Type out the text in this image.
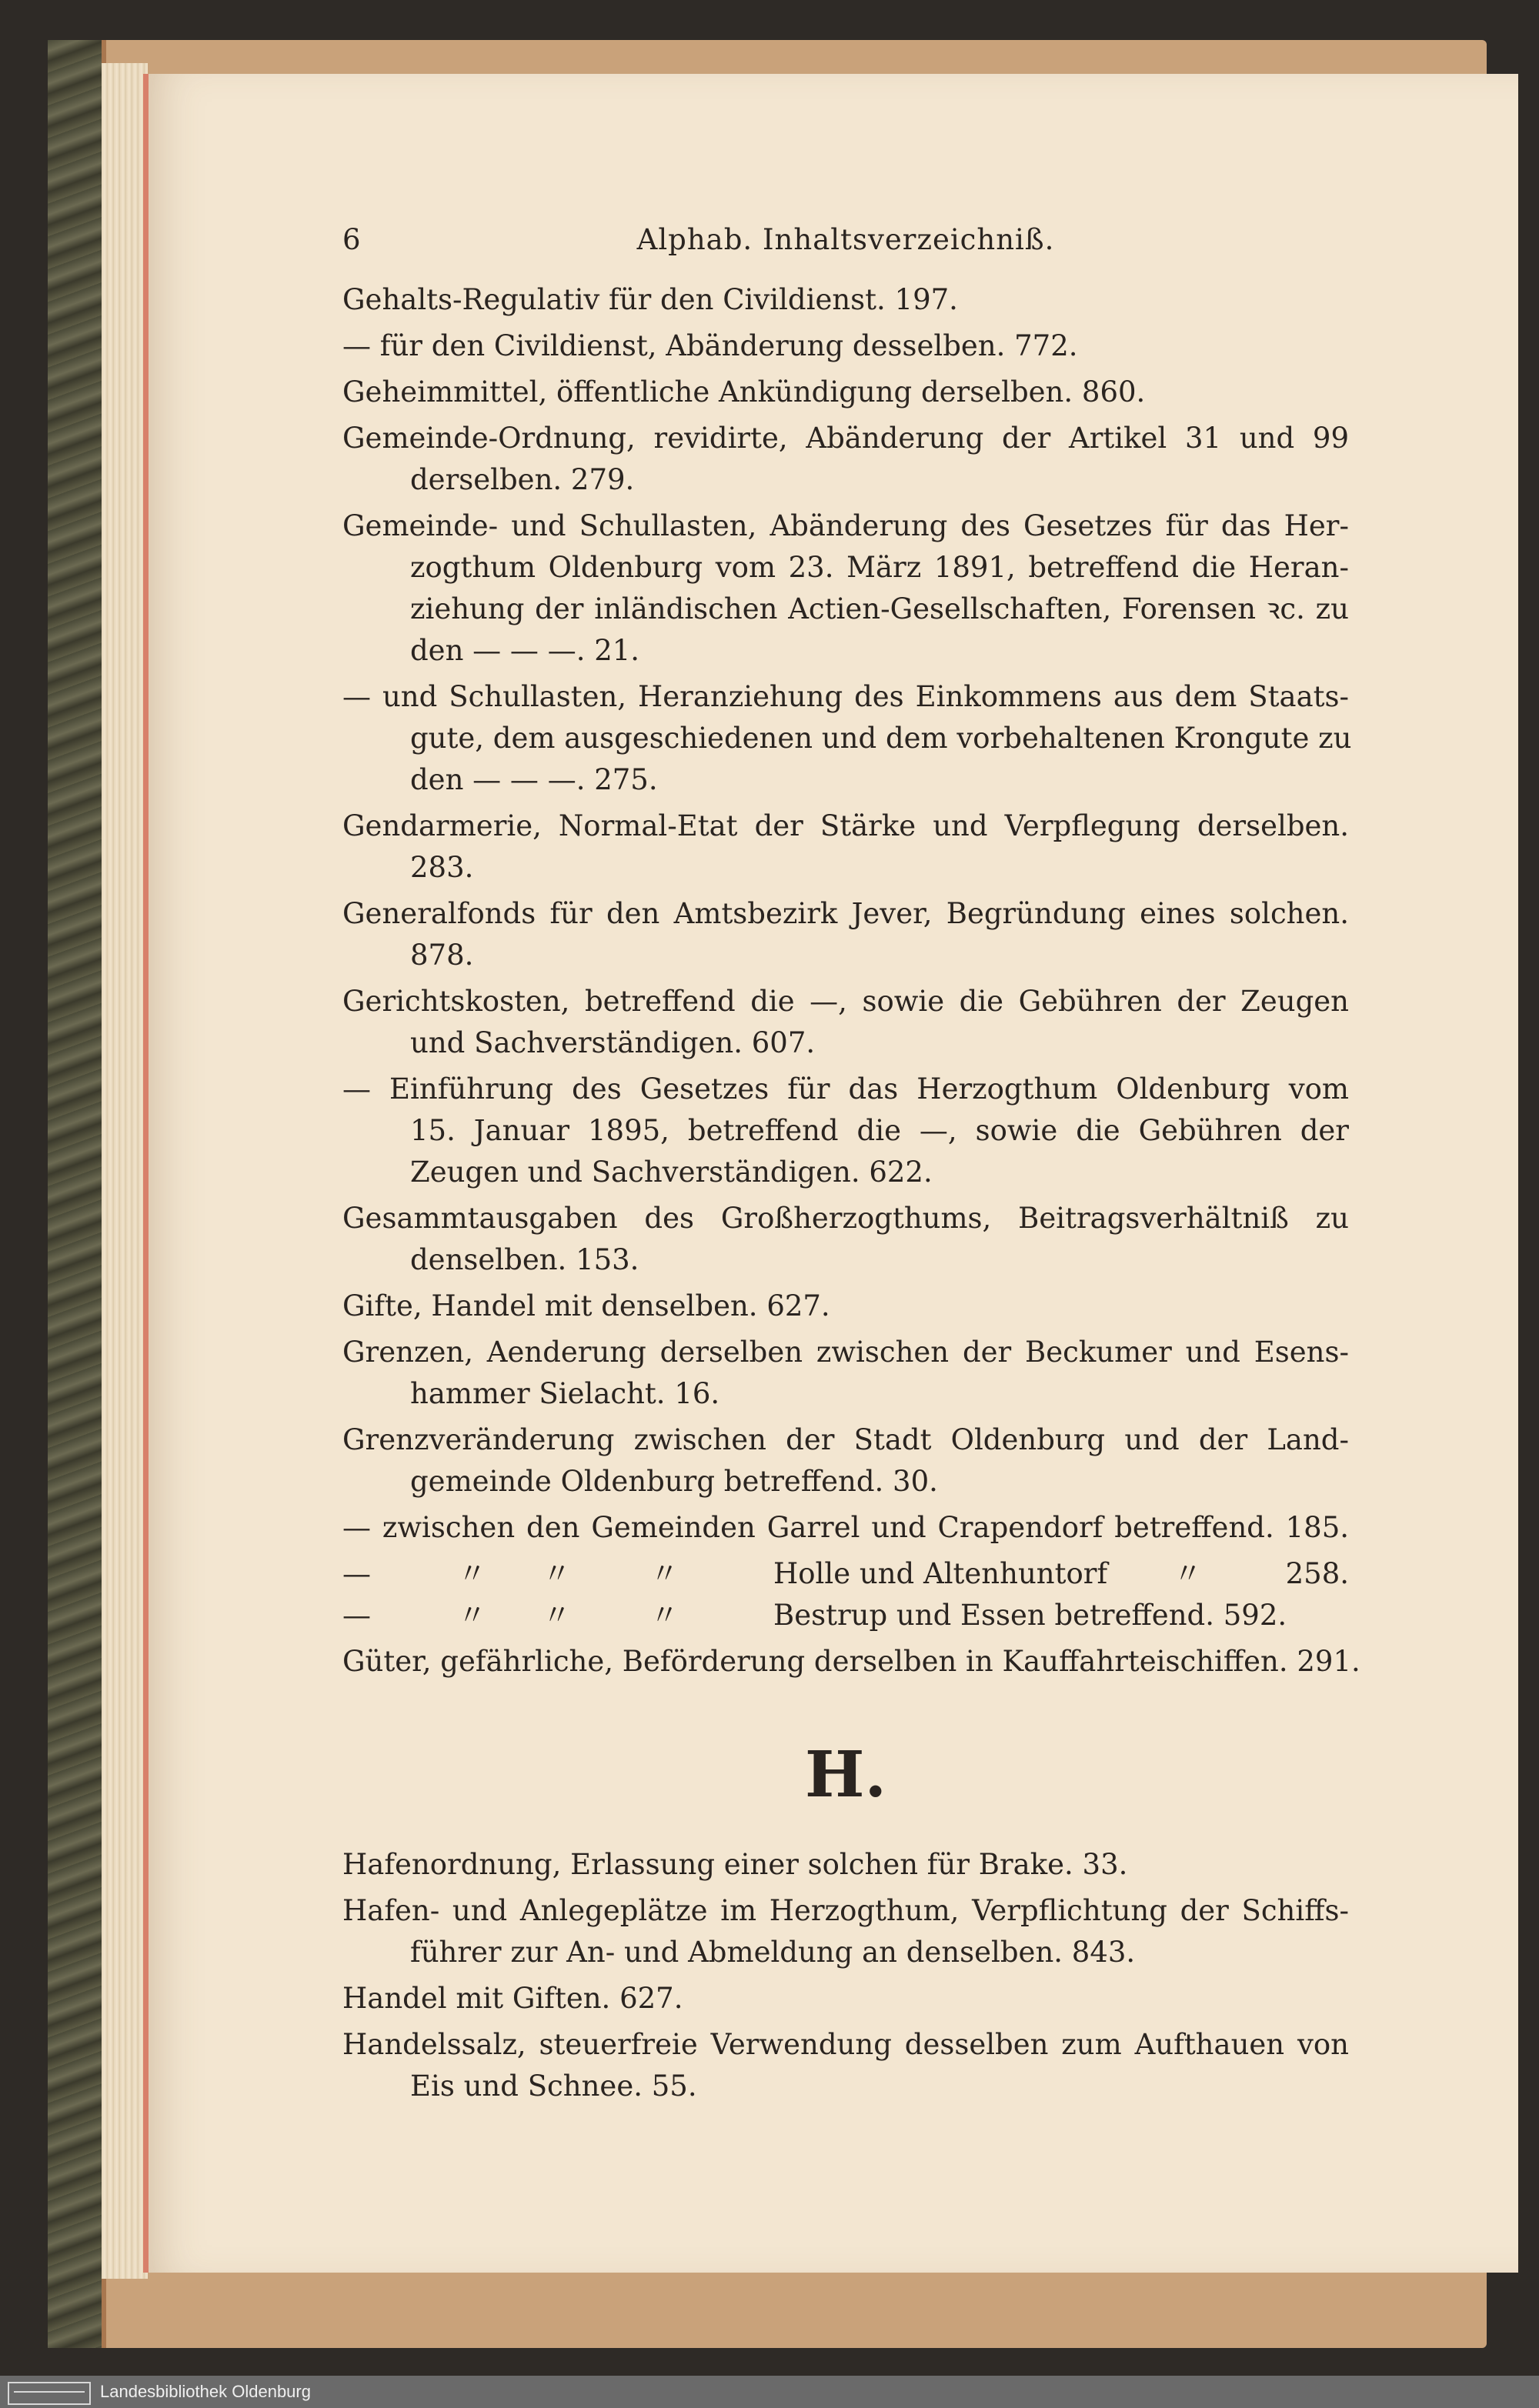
6	Alphab. Inhaltsverzeichniß.
Gehalts-Regulativ für den Civildienst. 197.
— für den Civildienst, Abänderung desselben. 772.
Geheimmittel, öffentliche Ankündigung derselben. 860.
Gemeinde-Ordnung, revidirte, Abänderung der Artikel 31 und 99
derselben. 279.
Gemeinde- und Schullasten, Abänderung des Gesetzes für das Her-
zogthum Oldenburg vom 23. März 1891, betreffend die Heran-
ziehung der inländischen Actien-Gesellschaften, Forensen ꝛc. zu
den — — —. 21.
— und Schullasten, Heranziehung des Einkommens aus dem Staats-
gute, dem ausgeschiedenen und dem vorbehaltenen Krongute zu
den — — —. 275.
Gendarmerie, Normal-Etat der Stärke und Verpflegung derselben.
283.
Generalfonds für den Amtsbezirk Jever, Begründung eines solchen.
878.
Gerichtskosten, betreffend die —, sowie die Gebühren der Zeugen
und Sachverständigen. 607.
— Einführung des Gesetzes für das Herzogthum Oldenburg vom
15. Januar 1895, betreffend die —, sowie die Gebühren der
Zeugen und Sachverständigen. 622.
Gesammtausgaben des Großherzogthums, Beitragsverhältniß zu
denselben. 153.
Gifte, Handel mit denselben. 627.
Grenzen, Aenderung derselben zwischen der Beckumer und Esens-
hammer Sielacht. 16.
Grenzveränderung zwischen der Stadt Oldenburg und der Land-
gemeinde Oldenburg betreffend. 30.
— zwischen den Gemeinden Garrel und Crapendorf betreffend. 185.
—	〃 〃	〃	Holle und Altenhuntorf 〃	258.
—	〃 〃	〃	Bestrup und Essen betreffend. 592.
Güter, gefährliche, Beförderung derselben in Kauffahrteischiffen. 291.
H.
Hafenordnung, Erlassung einer solchen für Brake. 33.
Hafen- und Anlegeplätze im Herzogthum, Verpflichtung der Schiffs-
führer zur An- und Abmeldung an denselben. 843.
Handel mit Giften. 627.
Handelssalz, steuerfreie Verwendung desselben zum Aufthauen von
Eis und Schnee. 55.
Landesbibliothek Oldenburg
